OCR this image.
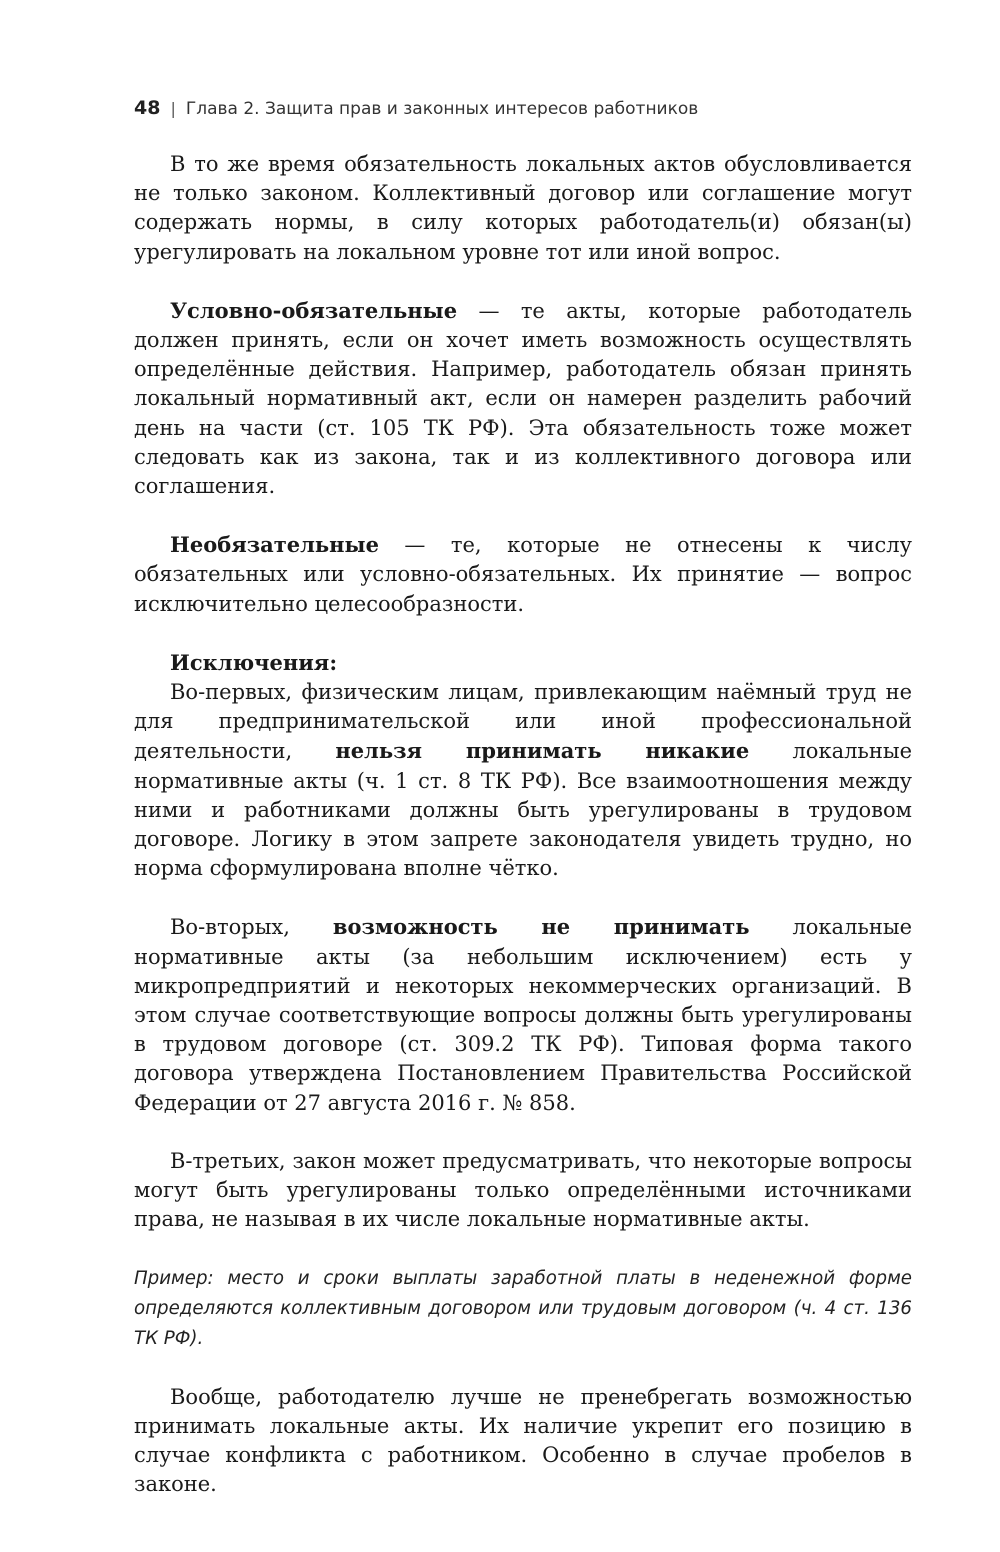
48 | Глава 2. Защита прав и законных интересов работников

В то же время обязательность локальных актов обусловливается не только законом. Коллективный договор или соглашение могут содержать нормы, в силу которых работодатель(и) обязан(ы) урегулировать на локальном уровне тот или иной вопрос.

Условно-обязательные — те акты, которые работодатель должен принять, если он хочет иметь возможность осуществлять определённые действия. Например, работодатель обязан принять локальный нормативный акт, если он намерен разделить рабочий день на части (ст. 105 ТК РФ). Эта обязательность тоже может следовать как из закона, так и из коллективного договора или соглашения.

Необязательные — те, которые не отнесены к числу обязательных или условно-обязательных. Их принятие — вопрос исключительно целесообразности.

Исключения:

Во-первых, физическим лицам, привлекающим наёмный труд не для предпринимательской или иной профессиональной деятельности, нельзя принимать никакие локальные нормативные акты (ч. 1 ст. 8 ТК РФ). Все взаимоотношения между ними и работниками должны быть урегулированы в трудовом договоре. Логику в этом запрете законодателя увидеть трудно, но норма сформулирована вполне чётко.

Во-вторых, возможность не принимать локальные нормативные акты (за небольшим исключением) есть у микропредприятий и некоторых некоммерческих организаций. В этом случае соответствующие вопросы должны быть урегулированы в трудовом договоре (ст. 309.2 ТК РФ). Типовая форма такого договора утверждена Постановлением Правительства Российской Федерации от 27 августа 2016 г. № 858.

В-третьих, закон может предусматривать, что некоторые вопросы могут быть урегулированы только определёнными источниками права, не называя в их числе локальные нормативные акты.

Пример: место и сроки выплаты заработной платы в неденежной форме определяются коллективным договором или трудовым договором (ч. 4 ст. 136 ТК РФ).

Вообще, работодателю лучше не пренебрегать возможностью принимать локальные акты. Их наличие укрепит его позицию в случае конфликта с работником. Особенно в случае пробелов в законе.
